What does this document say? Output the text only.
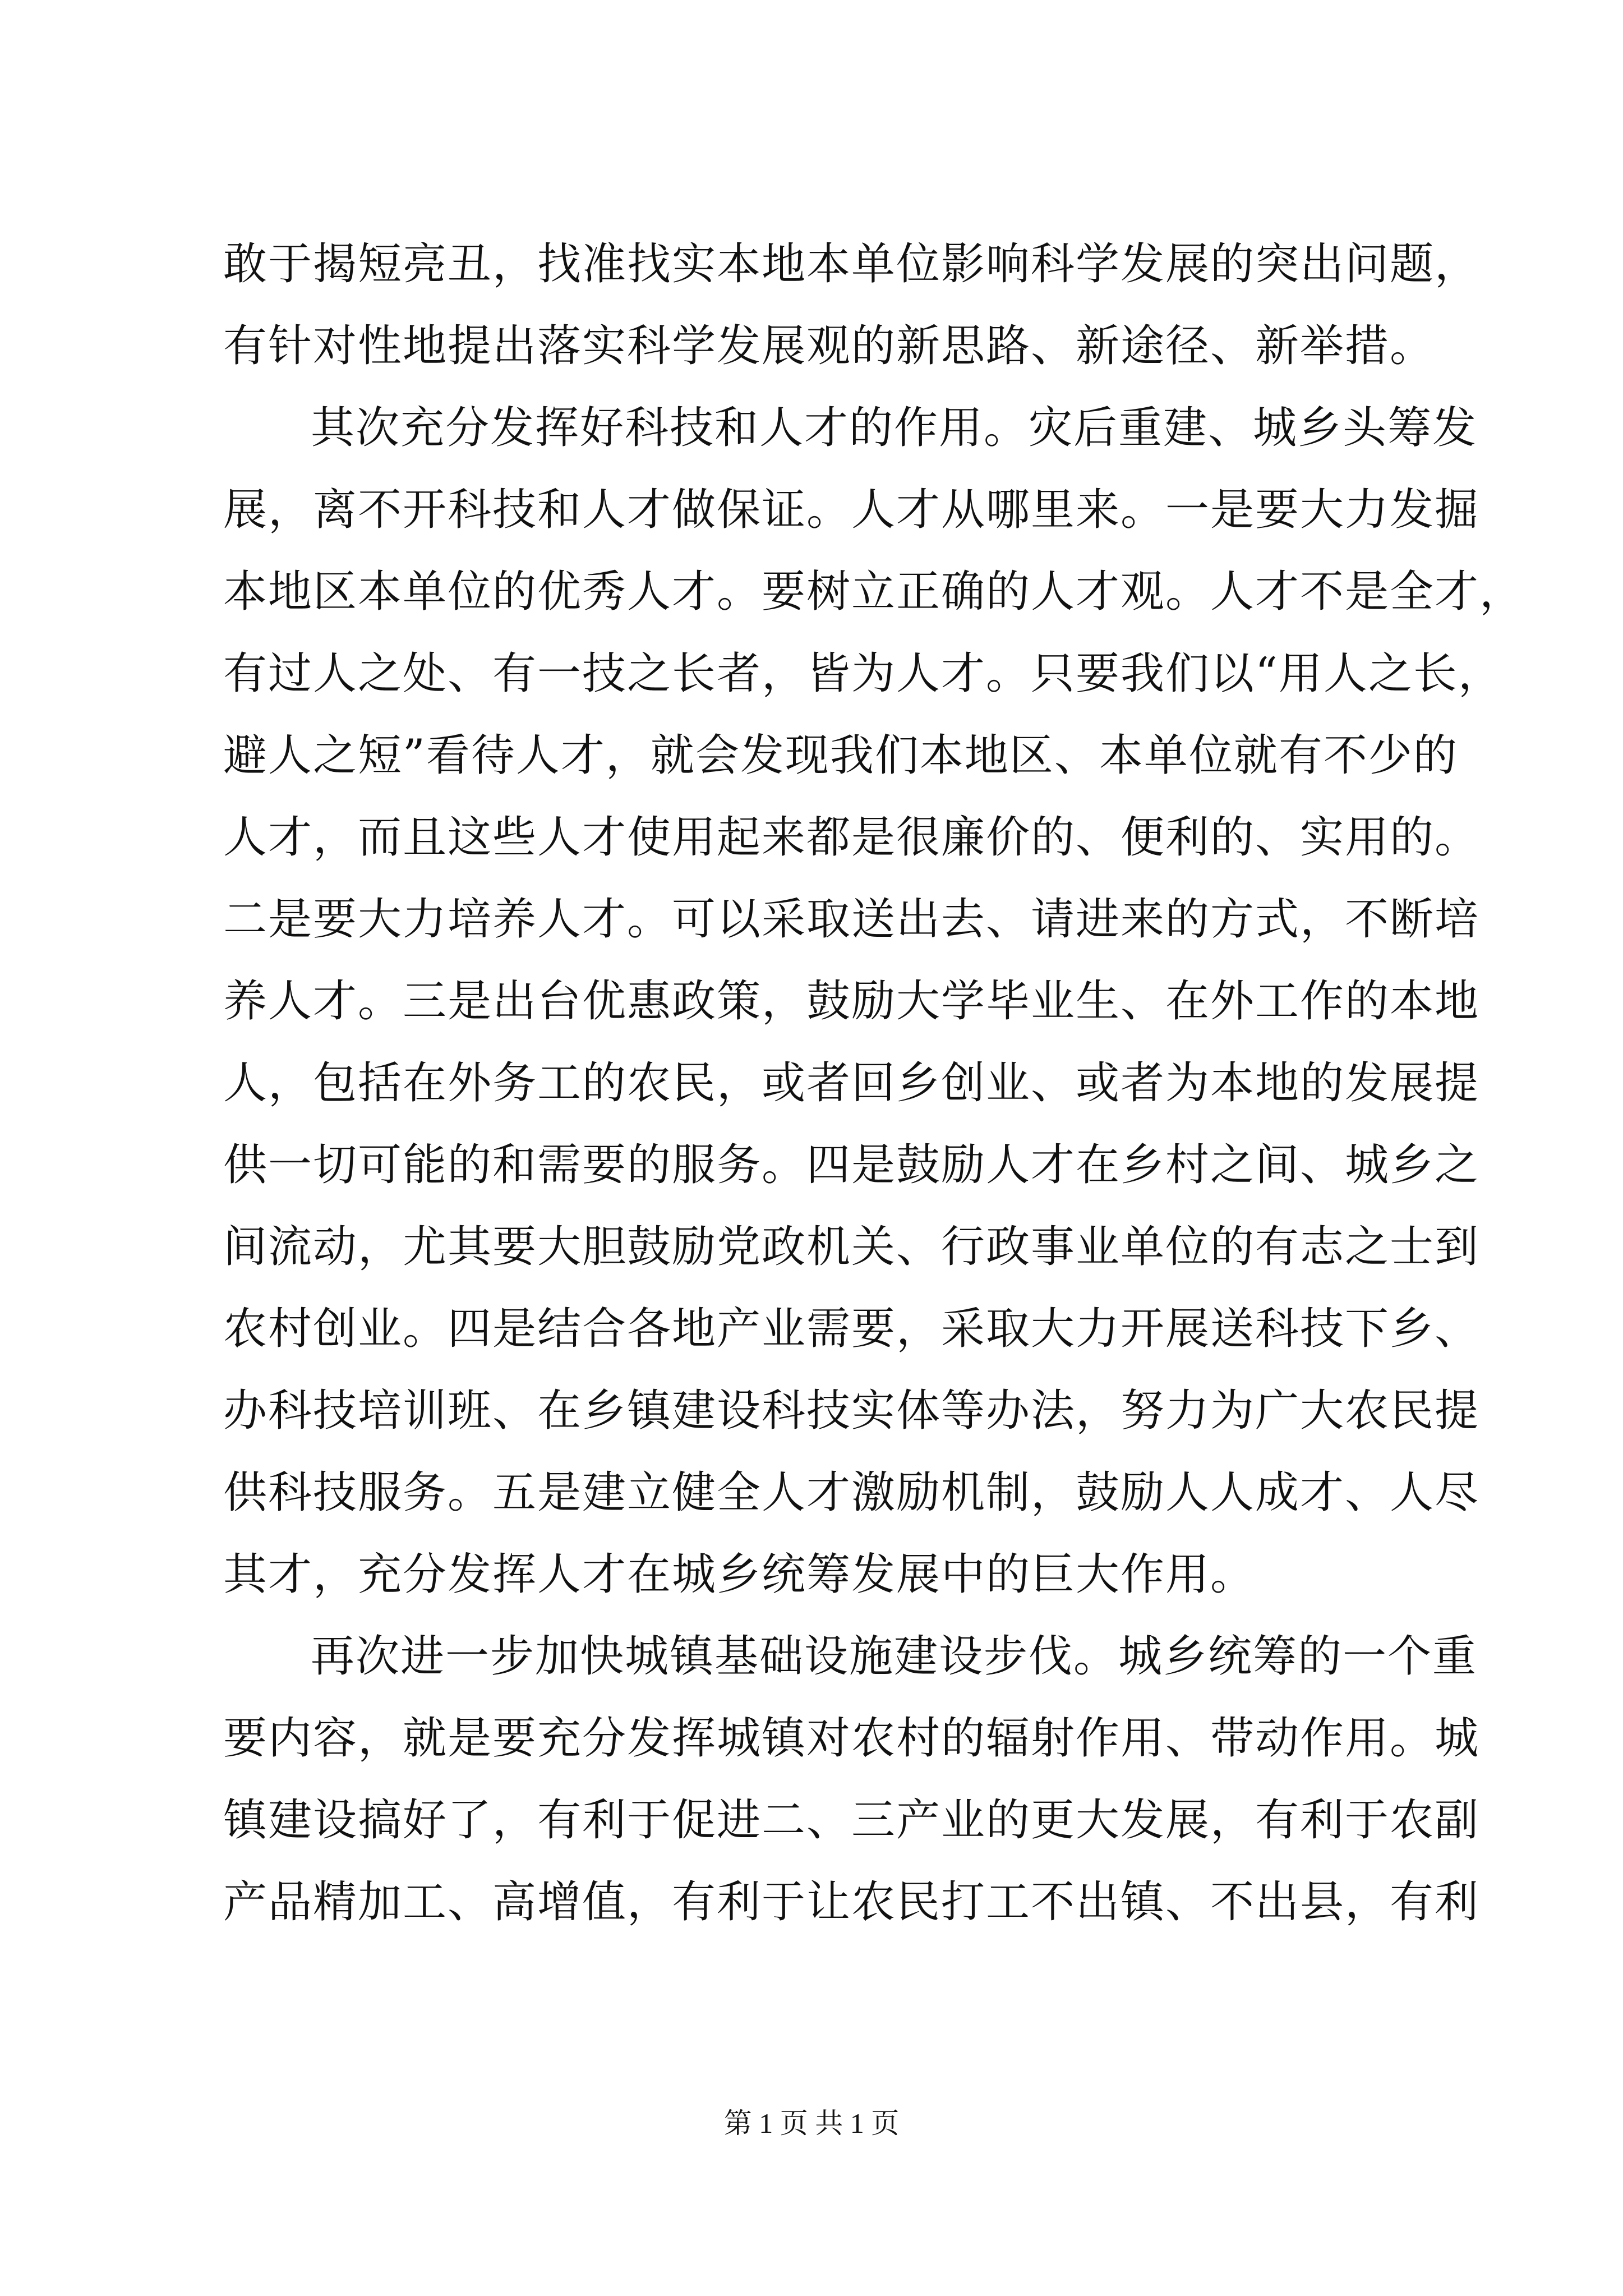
敢于揭短亮丑，找准找实本地本单位影响科学发展的突出问题，
有针对性地提出落实科学发展观的新思路、新途径、新举措。
其次充分发挥好科技和人才的作用。灾后重建、城乡头筹发
展，离不开科技和人才做保证。人才从哪里来。一是要大力发掘
本地区本单位的优秀人才。要树立正确的人才观。人才不是全才，
有过人之处、有一技之长者，皆为人才。只要我们以“用人之长，
避人之短”看待人才，就会发现我们本地区、本单位就有不少的
人才，而且这些人才使用起来都是很廉价的、便利的、实用的。
二是要大力培养人才。可以采取送出去、请进来的方式，不断培
养人才。三是出台优惠政策，鼓励大学毕业生、在外工作的本地
人，包括在外务工的农民，或者回乡创业、或者为本地的发展提
供一切可能的和需要的服务。四是鼓励人才在乡村之间、城乡之
间流动，尤其要大胆鼓励党政机关、行政事业单位的有志之士到
农村创业。四是结合各地产业需要，采取大力开展送科技下乡、
办科技培训班、在乡镇建设科技实体等办法，努力为广大农民提
供科技服务。五是建立健全人才激励机制，鼓励人人成才、人尽
其才，充分发挥人才在城乡统筹发展中的巨大作用。
再次进一步加快城镇基础设施建设步伐。城乡统筹的一个重
要内容，就是要充分发挥城镇对农村的辐射作用、带动作用。城
镇建设搞好了，有利于促进二、三产业的更大发展，有利于农副
产品精加工、高增值，有利于让农民打工不出镇、不出县，有利
第 1 页 共 1 页
